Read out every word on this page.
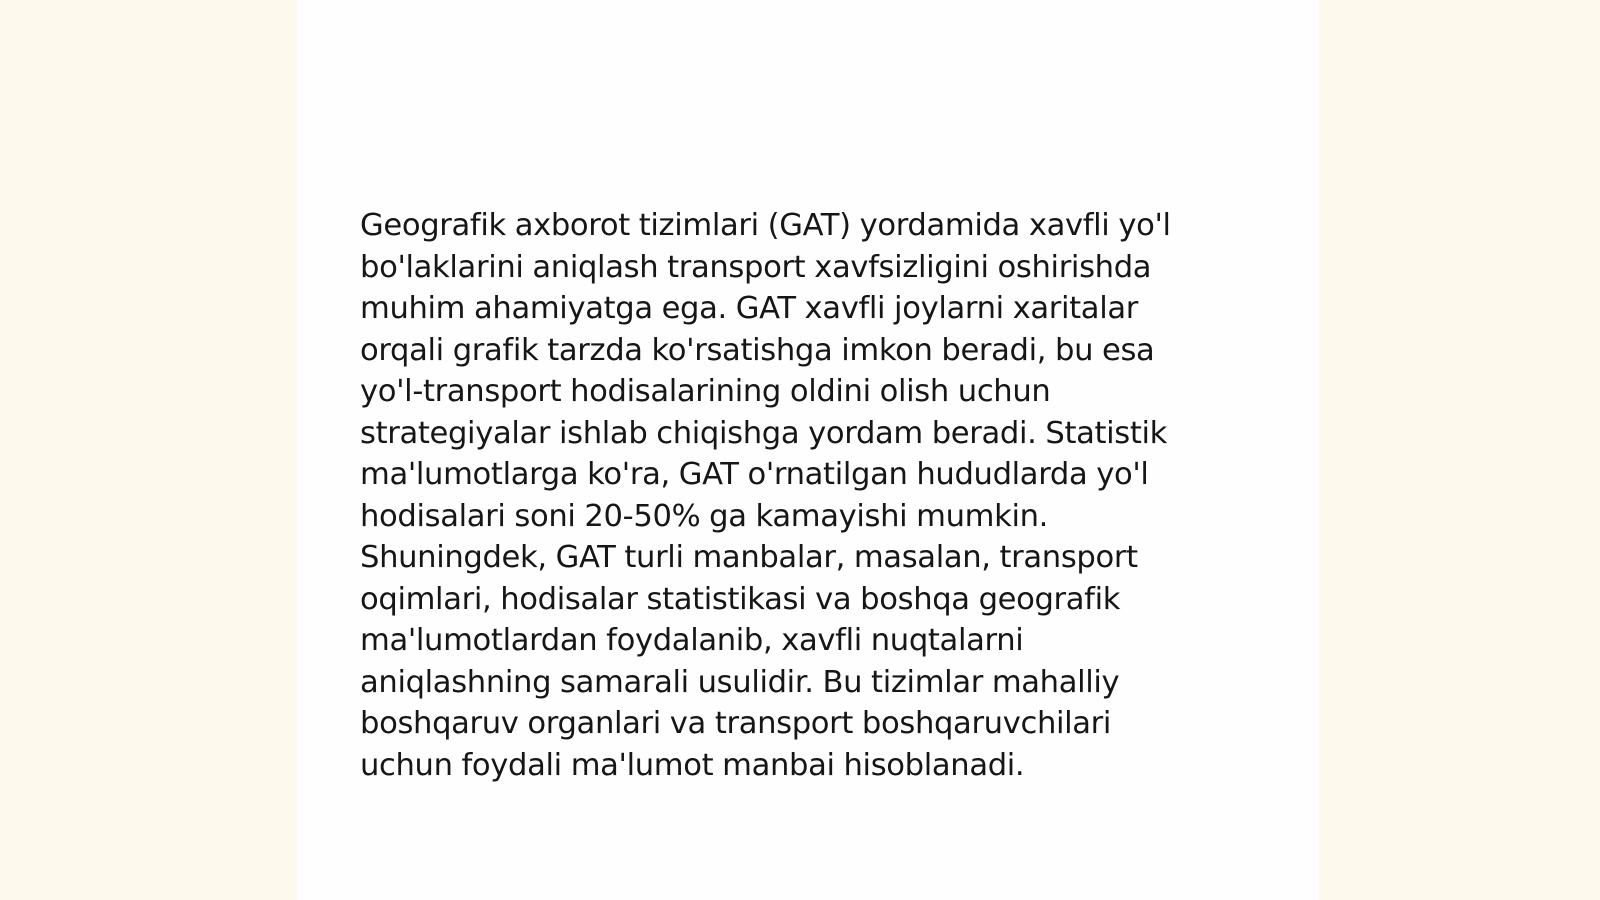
Geografik axborot tizimlari (GAT) yordamida xavfli yo'l
bo'laklarini aniqlash transport xavfsizligini oshirishda
muhim ahamiyatga ega. GAT xavfli joylarni xaritalar
orqali grafik tarzda ko'rsatishga imkon beradi, bu esa
yo'l-transport hodisalarining oldini olish uchun
strategiyalar ishlab chiqishga yordam beradi. Statistik
ma'lumotlarga ko'ra, GAT o'rnatilgan hududlarda yo'l
hodisalari soni 20-50% ga kamayishi mumkin.
Shuningdek, GAT turli manbalar, masalan, transport
oqimlari, hodisalar statistikasi va boshqa geografik
ma'lumotlardan foydalanib, xavfli nuqtalarni
aniqlashning samarali usulidir. Bu tizimlar mahalliy
boshqaruv organlari va transport boshqaruvchilari
uchun foydali ma'lumot manbai hisoblanadi.
